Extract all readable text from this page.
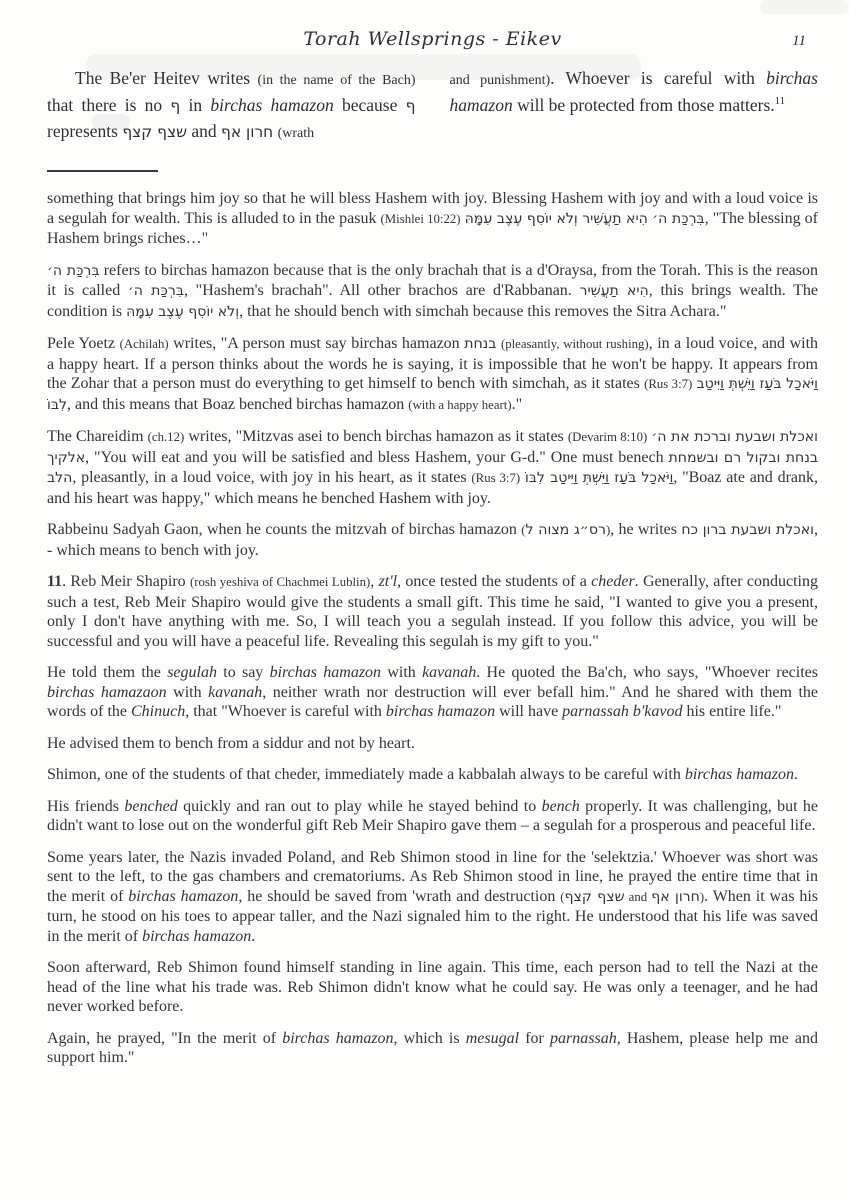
Torah Wellsprings - Eikev	11

The Be'er Heitev writes (in the name of the Bach) that there is no ף in birchas hamazon because ף represents שצף קצף and חרון אף (wrath

and punishment). Whoever is careful with birchas hamazon will be protected from those matters.$^{11}$

something that brings him joy so that he will bless Hashem with joy. Blessing Hashem with joy and with a loud voice is a segulah for wealth. This is alluded to in the pasuk (Mishlei 10:22) בִּרְכַּת ה׳ הִיא תַעֲשִׁיר וְלֹא יוֹסִף עֶצֶב עִמָּהּ, "The blessing of Hashem brings riches…"

בִּרְכַּת ה׳ refers to birchas hamazon because that is the only brachah that is a d'Oraysa, from the Torah. This is the reason it is called בִּרְכַּת ה׳, "Hashem's brachah". All other brachos are d'Rabbanan. הִיא תַעֲשִׁיר, this brings wealth. The condition is וְלֹא יוֹסִף עֶצֶב עִמָּהּ, that he should bench with simchah because this removes the Sitra Achara."

Pele Yoetz (Achilah) writes, "A person must say birchas hamazon בנחת (pleasantly, without rushing), in a loud voice, and with a happy heart. If a person thinks about the words he is saying, it is impossible that he won't be happy. It appears from the Zohar that a person must do everything to get himself to bench with simchah, as it states (Rus 3:7) וַיֹּאכַל בֹּעַז וַיֵּשְׁתְּ וַיִּיטַב לִבּוֹ, and this means that Boaz benched birchas hamazon (with a happy heart)."

The Chareidim (ch.12) writes, "Mitzvas asei to bench birchas hamazon as it states (Devarim 8:10) ואכלת ושבעת וברכת את ה׳ אלקיך, "You will eat and you will be satisfied and bless Hashem, your G-d." One must benech בנחת ובקול רם ובשמחת הלב, pleasantly, in a loud voice, with joy in his heart, as it states (Rus 3:7) וַיֹּאכַל בֹּעַז וַיֵּשְׁתְּ וַיִּיטַב לִבּוֹ, "Boaz ate and drank, and his heart was happy," which means he benched Hashem with joy.

Rabbeinu Sadyah Gaon, when he counts the mitzvah of birchas hamazon (רס״ג מצוה ל), he writes ואכלת ושבעת ברון כח, - which means to bench with joy.

11. Reb Meir Shapiro (rosh yeshiva of Chachmei Lublin), zt'l, once tested the students of a cheder. Generally, after conducting such a test, Reb Meir Shapiro would give the students a small gift. This time he said, "I wanted to give you a present, only I don't have anything with me. So, I will teach you a segulah instead. If you follow this advice, you will be successful and you will have a peaceful life. Revealing this segulah is my gift to you."

He told them the segulah to say birchas hamazon with kavanah. He quoted the Ba'ch, who says, "Whoever recites birchas hamazaon with kavanah, neither wrath nor destruction will ever befall him." And he shared with them the words of the Chinuch, that "Whoever is careful with birchas hamazon will have parnassah b'kavod his entire life."

He advised them to bench from a siddur and not by heart.

Shimon, one of the students of that cheder, immediately made a kabbalah always to be careful with birchas hamazon.

His friends benched quickly and ran out to play while he stayed behind to bench properly. It was challenging, but he didn't want to lose out on the wonderful gift Reb Meir Shapiro gave them – a segulah for a prosperous and peaceful life.

Some years later, the Nazis invaded Poland, and Reb Shimon stood in line for the 'selektzia.' Whoever was short was sent to the left, to the gas chambers and crematoriums. As Reb Shimon stood in line, he prayed the entire time that in the merit of birchas hamazon, he should be saved from 'wrath and destruction (שצף קצף and חרון אף). When it was his turn, he stood on his toes to appear taller, and the Nazi signaled him to the right. He understood that his life was saved in the merit of birchas hamazon.

Soon afterward, Reb Shimon found himself standing in line again. This time, each person had to tell the Nazi at the head of the line what his trade was. Reb Shimon didn't know what he could say. He was only a teenager, and he had never worked before.

Again, he prayed, "In the merit of birchas hamazon, which is mesugal for parnassah, Hashem, please help me and support him."
